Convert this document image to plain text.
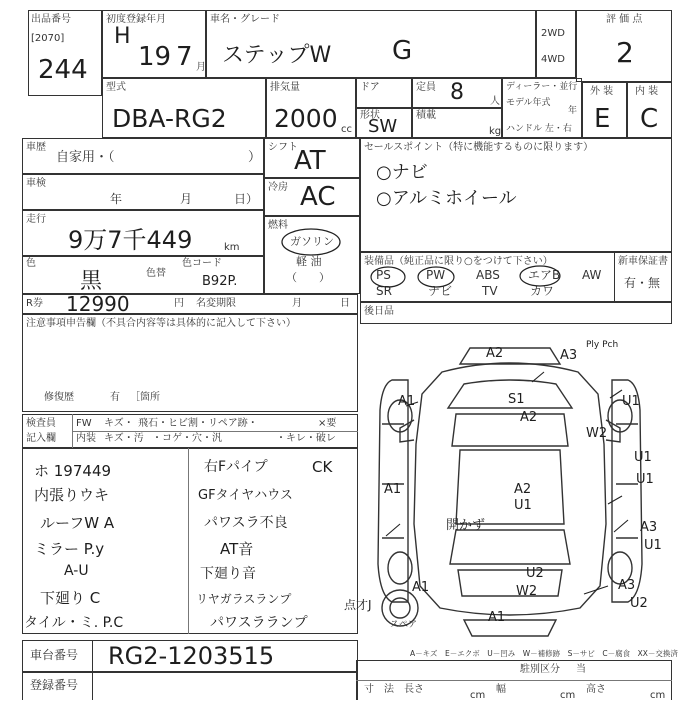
出品番号
[2070]
244
初度登録年月
H
19 7 月
車名・グレード
ステップW G
2WD
4WD
評 価 点
2
型式
DBA-RG2
排気量
2000 cc
ドア	定員 8	人
形状
SW
積載
kg
ディーラー・並行
モデル年式
年
ハンドル 左・右
外 装 内 装
E C
車歴
自家用・（	）
車検
年	月	日）
走行
9万7千449	km
色
黒	色替
色コード
B92P.
R券 12990	円 名変期限	月	日
注意事項申告欄（不具合内容等は具体的に記入して下さい）
修復歴	有 ［箇所
シフト
AT
冷房 AC
燃料
ガソリン
軽 油
（　　）
セールスポイント（特に機能するものに限ります）
○ナビ
○アルミホイール
装備品（純正品に限り○をつけて下さい）	新車保証書
有・無
PS	PW	ABS エアB AW
SR	ナビ TV	カワ
後日品
検査員
記入欄
FW キズ・ 飛石・ヒビ割・リペア跡・	×要
内装 キズ・汚 ・コゲ・穴・汎	・キレ・破レ
ホ 197449
内張りウキ
ルーフW A
ミラー P.y
A-U
下廻り C
タイル・ミ. P.C
右Fパイプ	CK
GFタイヤハウス
パワスラ不良
AT音
下廻り音
リヤガラスランプ
パワスラランプ
車台番号 RG2-1203515
登録番号
A2	A3
Ply Pch
A1	S1
A2
U1
W2
U1
A1	A2
U1
U1
A3
U1
U2
W2	A3
U2
A1
A1
開かず
点才J
スペア
A－キズ　E－エクボ　U－凹み　W－補修跡　S－サビ　C－腐食　XX－交換済
寸　法 長さ
cm
幅
cm
高さ
cm
駐別区分 当
